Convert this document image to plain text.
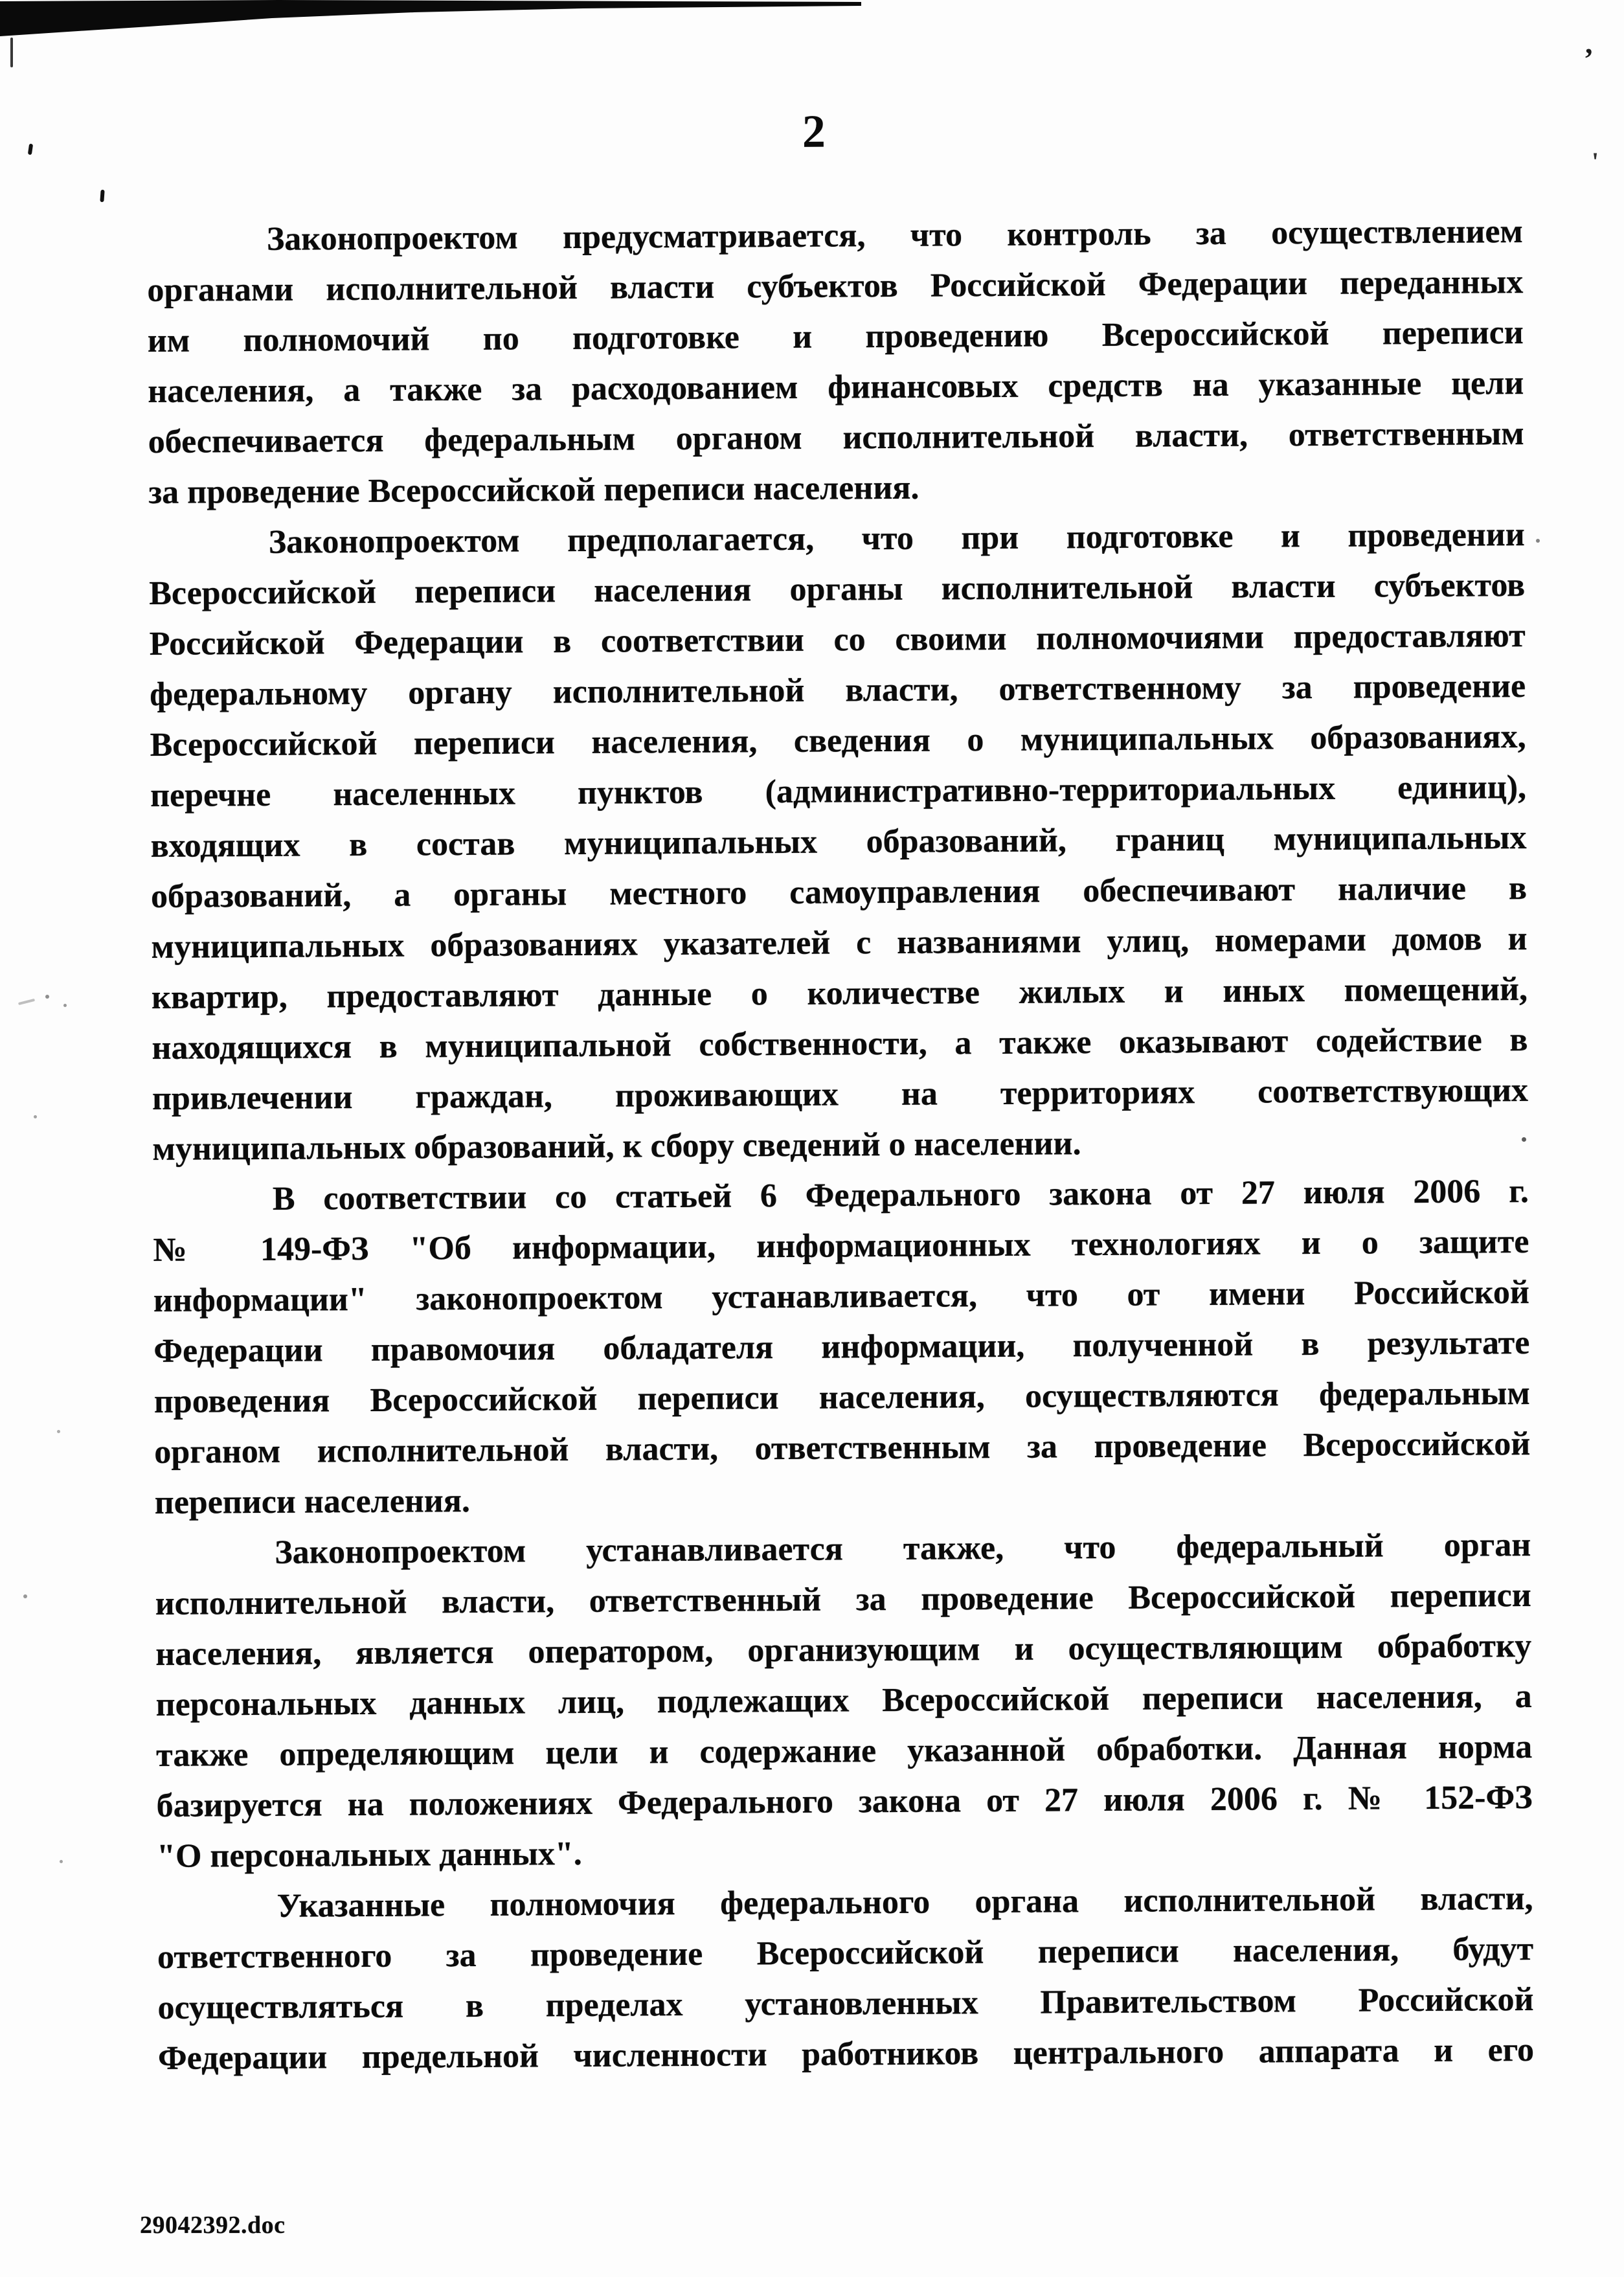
,
'
2
Законопроектом предусматривается, что контроль за осуществлением
органами исполнительной власти субъектов Российской Федерации переданных
им полномочий по подготовке и проведению Всероссийской переписи
населения, а также за расходованием финансовых средств на указанные цели
обеспечивается федеральным органом исполнительной власти, ответственным
за проведение Всероссийской переписи населения.
Законопроектом предполагается, что при подготовке и проведении
Всероссийской переписи населения органы исполнительной власти субъектов
Российской Федерации в соответствии со своими полномочиями предоставляют
федеральному органу исполнительной власти, ответственному за проведение
Всероссийской переписи населения, сведения о муниципальных образованиях,
перечне населенных пунктов (административно-территориальных единиц),
входящих в состав муниципальных образований, границ муниципальных
образований, а органы местного самоуправления обеспечивают наличие в
муниципальных образованиях указателей с названиями улиц, номерами домов и
квартир, предоставляют данные о количестве жилых и иных помещений,
находящихся в муниципальной собственности, а также оказывают содействие в
привлечении граждан, проживающих на территориях соответствующих
муниципальных образований, к сбору сведений о населении.
В соответствии со статьей 6 Федерального закона от 27 июля 2006 г.
№ 149-ФЗ "Об информации, информационных технологиях и о защите
информации" законопроектом устанавливается, что от имени Российской
Федерации правомочия обладателя информации, полученной в результате
проведения Всероссийской переписи населения, осуществляются федеральным
органом исполнительной власти, ответственным за проведение Всероссийской
переписи населения.
Законопроектом устанавливается также, что федеральный орган
исполнительной власти, ответственный за проведение Всероссийской переписи
населения, является оператором, организующим и осуществляющим обработку
персональных данных лиц, подлежащих Всероссийской переписи населения, а
также определяющим цели и содержание указанной обработки. Данная норма
базируется на положениях Федерального закона от 27 июля 2006 г. № 152-ФЗ
"О персональных данных".
Указанные полномочия федерального органа исполнительной власти,
ответственного за проведение Всероссийской переписи населения, будут
осуществляться в пределах установленных Правительством Российской
Федерации предельной численности работников центрального аппарата и его
29042392.doc
